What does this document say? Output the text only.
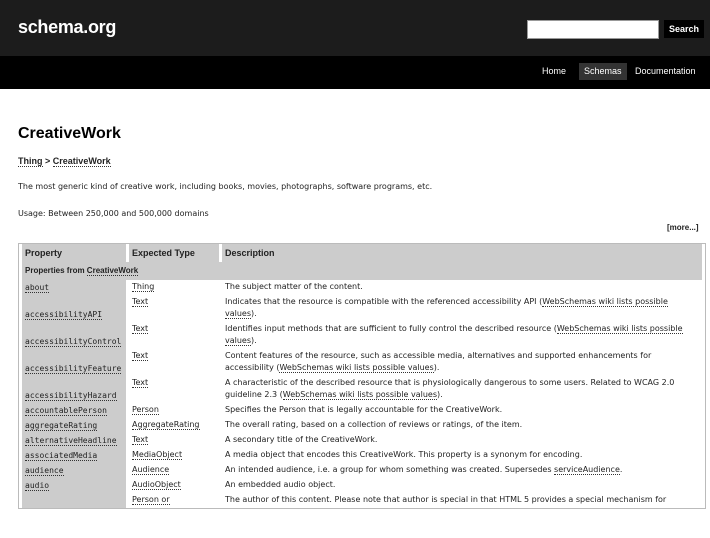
schema.org	Search
Home	Schemas	Documentation
CreativeWork
Thing > CreativeWork
The most generic kind of creative work, including books, movies, photographs, software programs, etc.
Usage: Between 250,000 and 500,000 domains
[more...]
Property	Expected Type	Description
Properties from CreativeWork		
about	Thing	The subject matter of the content.
accessibilityAPI	Text	Indicates that the resource is compatible with the referenced accessibility API (WebSchemas wiki lists possible values).
accessibilityControl	Text	Identifies input methods that are sufficient to fully control the described resource (WebSchemas wiki lists possible values).
accessibilityFeature	Text	Content features of the resource, such as accessible media, alternatives and supported enhancements for accessibility (WebSchemas wiki lists possible values).
accessibilityHazard	Text	A characteristic of the described resource that is physiologically dangerous to some users. Related to WCAG 2.0 guideline 2.3 (WebSchemas wiki lists possible values).
accountablePerson	Person	Specifies the Person that is legally accountable for the CreativeWork.
aggregateRating	AggregateRating	The overall rating, based on a collection of reviews or ratings, of the item.
alternativeHeadline	Text	A secondary title of the CreativeWork.
associatedMedia	MediaObject	A media object that encodes this CreativeWork. This property is a synonym for encoding.
audience	Audience	An intended audience, i.e. a group for whom something was created. Supersedes serviceAudience.
audio	AudioObject	An embedded audio object.
	Person or	The author of this content. Please note that author is special in that HTML 5 provides a special mechanism for
